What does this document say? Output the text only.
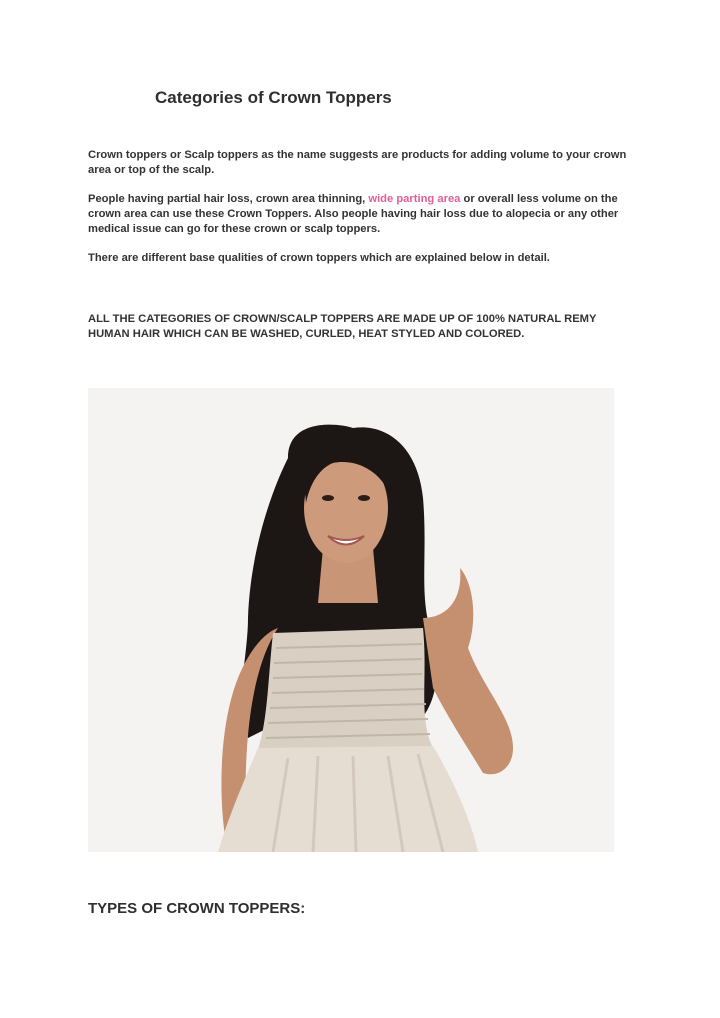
Categories of Crown Toppers

Crown toppers or Scalp toppers as the name suggests are products for adding volume to your crown area or top of the scalp.

People having partial hair loss, crown area thinning, wide parting area or overall less volume on the crown area can use these Crown Toppers. Also people having hair loss due to alopecia or any other medical issue can go for these crown or scalp toppers.

There are different base qualities of crown toppers which are explained below in detail.

ALL THE CATEGORIES OF CROWN/SCALP TOPPERS ARE MADE UP OF 100% NATURAL REMY HUMAN HAIR WHICH CAN BE WASHED, CURLED, HEAT STYLED AND COLORED.

TYPES OF CROWN TOPPERS:
